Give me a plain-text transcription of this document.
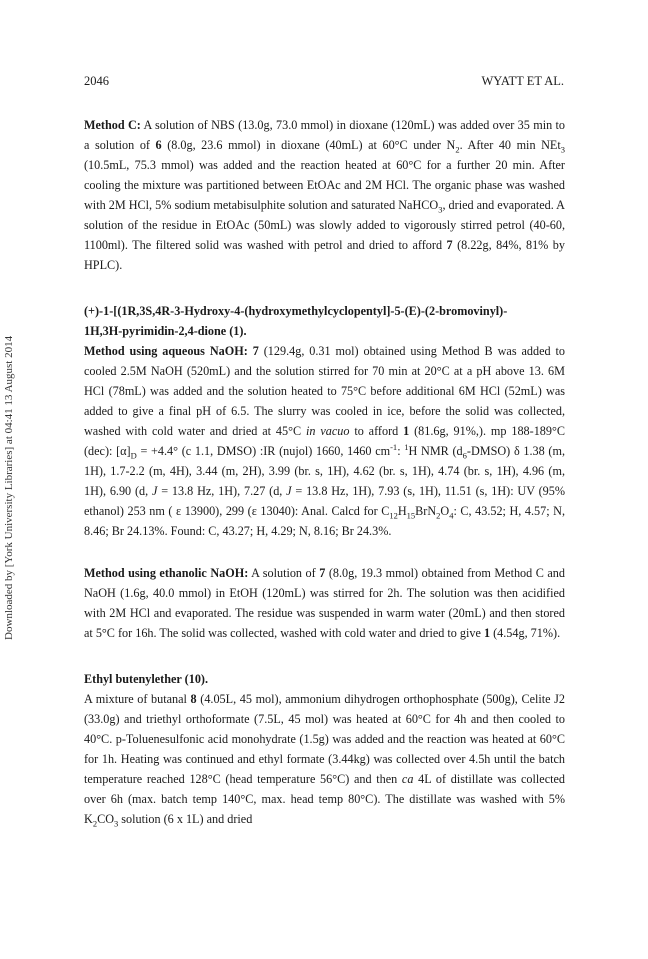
2046	WYATT ET AL.
Downloaded by [York University Libraries] at 04:41 13 August 2014

Method C: A solution of NBS (13.0g, 73.0 mmol) in dioxane (120mL) was added over 35 min to a solution of 6 (8.0g, 23.6 mmol) in dioxane (40mL) at 60°C under $N_2$. After 40 min NEt$_3$ (10.5mL, 75.3 mmol) was added and the reaction heated at 60°C for a further 20 min. After cooling the mixture was partitioned between EtOAc and 2M HCl. The organic phase was washed with 2M HCl, 5% sodium metabisulphite solution and saturated NaHCO$_3$, dried and evaporated. A solution of the residue in EtOAc (50mL) was slowly added to vigorously stirred petrol (40-60, 1100ml). The filtered solid was washed with petrol and dried to afford 7 (8.22g, 84%, 81% by HPLC).

(+)-1-[(1R,3S,4R-3-Hydroxy-4-(hydroxymethylcyclopentyl]-5-(E)-(2-bromovinyl)-
1H,3H-pyrimidin-2,4-dione (1).

Method using aqueous NaOH: 7 (129.4g, 0.31 mol) obtained using Method B was added to cooled 2.5M NaOH (520mL) and the solution stirred for 70 min at 20°C at a pH above 13. 6M HCl (78mL) was added and the solution heated to 75°C before additional 6M HCl (52mL) was added to give a final pH of 6.5. The slurry was cooled in ice, before the solid was collected, washed with cold water and dried at 45°C in vacuo to afford 1 (81.6g, 91%,). mp 188-189°C (dec): $[\alpha]_D = +4.4^\circ$ (c 1.1, DMSO) :IR (nujol) 1660, 1460 $cm^{-1}$: $^1$H NMR $(d_6-DMSO)$ δ 1.38 (m, 1H), 1.7-2.2 (m, 4H), 3.44 (m, 2H), 3.99 (br. s, 1H), 4.62 (br. s, 1H), 4.74 (br. s, 1H), 4.96 (m, 1H), 6.90 (d, J = 13.8 Hz, 1H), 7.27 (d, J = 13.8 Hz, 1H), 7.93 (s, 1H), 11.51 (s, 1H): UV (95% ethanol) 253 nm ( ε 13900), 299 (ε 13040): Anal. Calcd for $C_{12}H_{15}BrN_2O_4$: C, 43.52; H, 4.57; N, 8.46; Br 24.13%. Found: C, 43.27; H, 4.29; N, 8.16; Br 24.3%.

Method using ethanolic NaOH: A solution of 7 (8.0g, 19.3 mmol) obtained from Method C and NaOH (1.6g, 40.0 mmol) in EtOH (120mL) was stirred for 2h. The solution was then acidified with 2M HCl and evaporated. The residue was suspended in warm water (20mL) and then stored at 5°C for 16h. The solid was collected, washed with cold water and dried to give 1 (4.54g, 71%).

Ethyl butenylether (10).

A mixture of butanal 8 (4.05L, 45 mol), ammonium dihydrogen orthophosphate (500g), Celite J2 (33.0g) and triethyl orthoformate (7.5L, 45 mol) was heated at 60°C for 4h and then cooled to 40°C. p-Toluenesulfonic acid monohydrate (1.5g) was added and the reaction was heated at 60°C for 1h. Heating was continued and ethyl formate (3.44kg) was collected over 4.5h until the batch temperature reached 128°C (head temperature 56°C) and then ca 4L of distillate was collected over 6h (max. batch temp 140°C, max. head temp 80°C). The distillate was washed with 5% $K_2CO_3$ solution (6 x 1L) and dried
